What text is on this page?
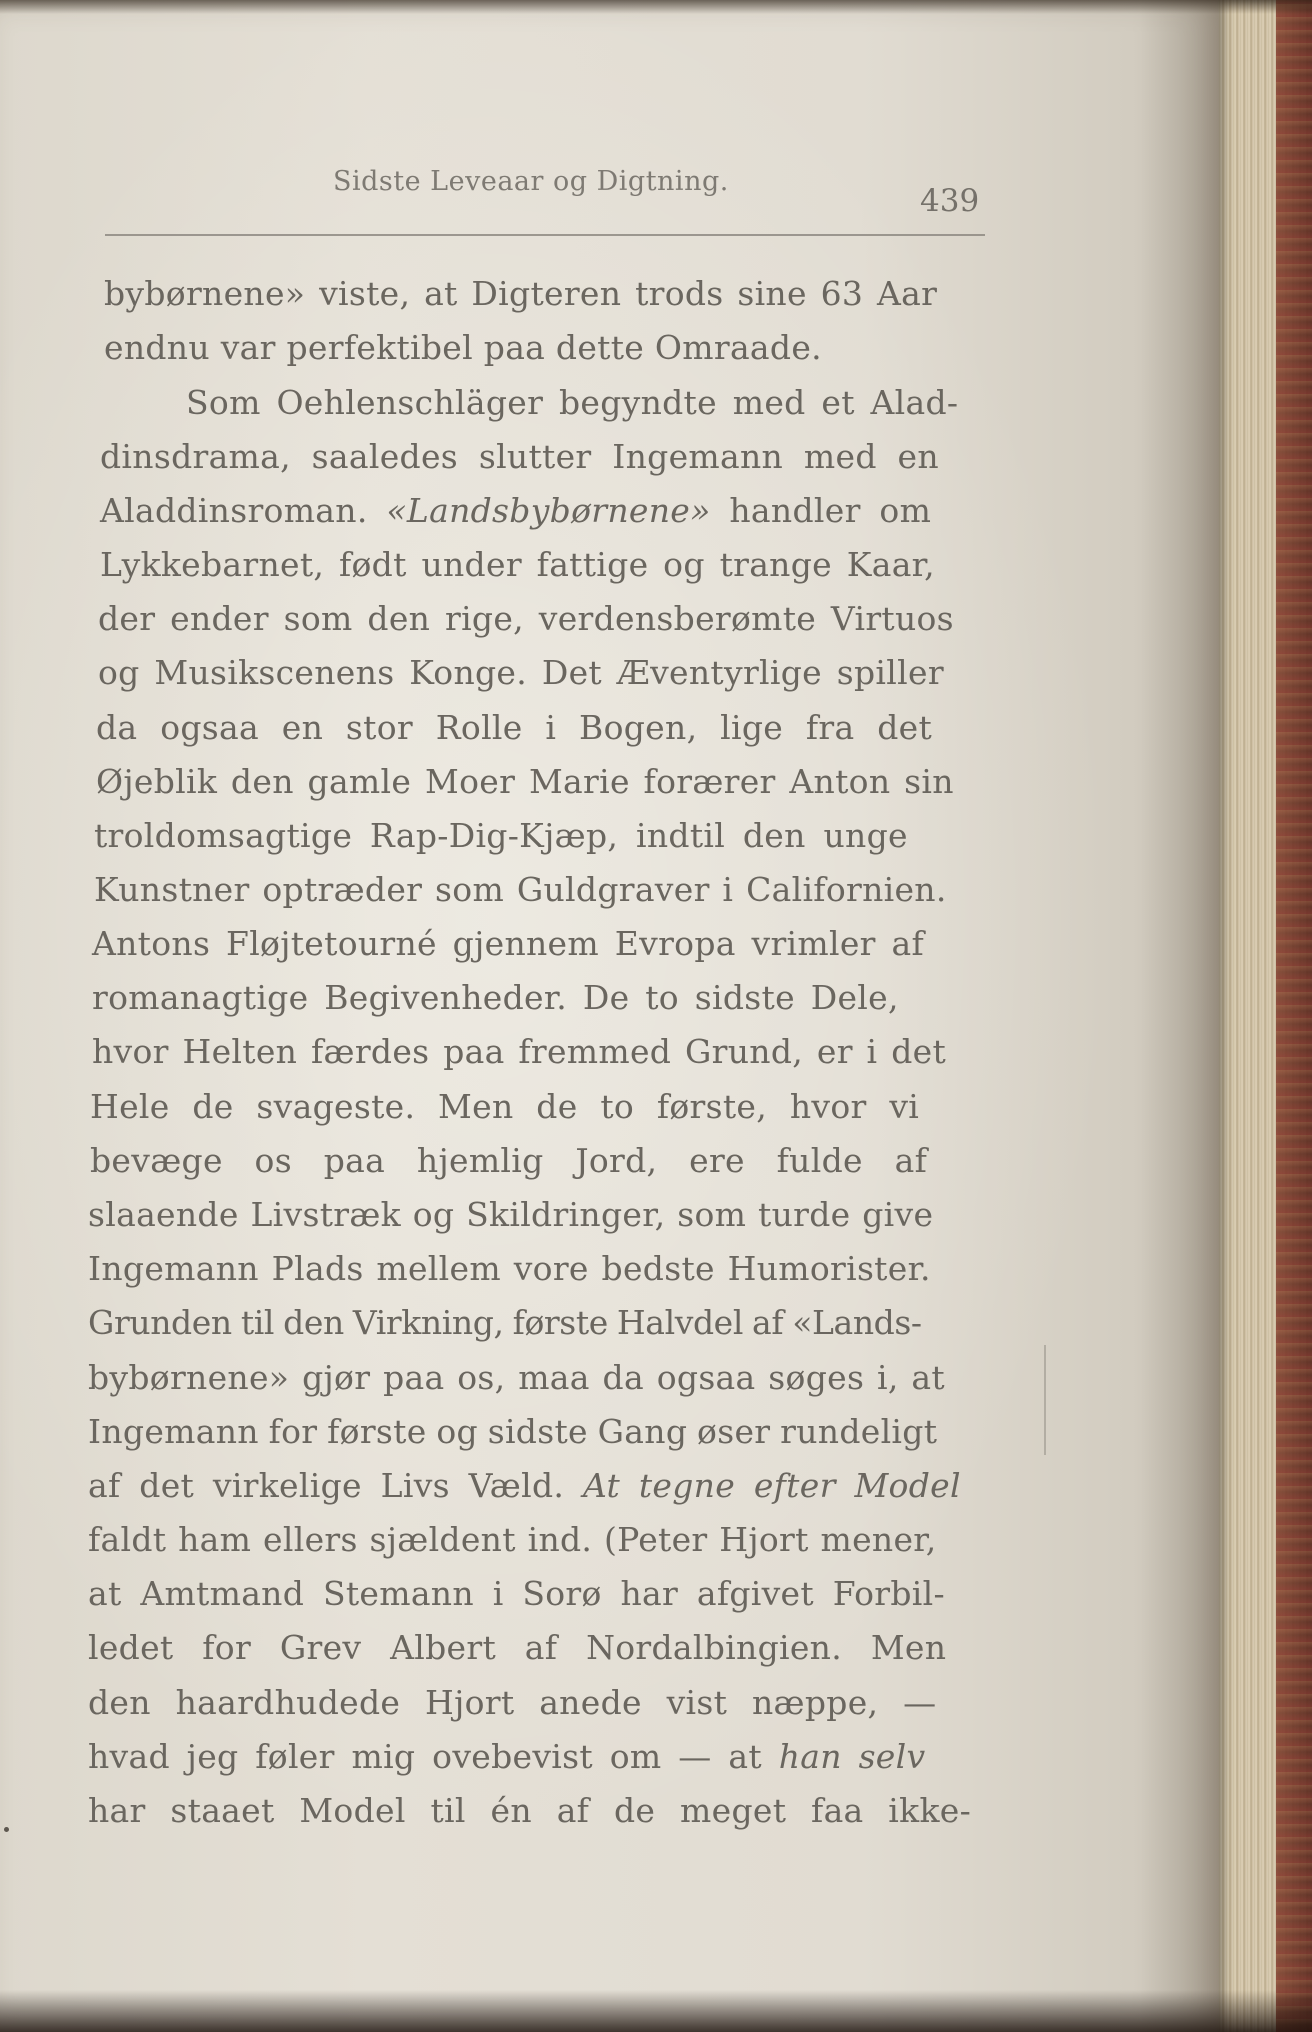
Sidste Leveaar og Digtning.
439
bybørnene» viste, at Digteren trods sine 63 Aar
endnu var perfektibel paa dette Omraade.
Som Oehlenschläger begyndte med et Alad-
dinsdrama, saaledes slutter Ingemann med en
Aladdinsroman. «Landsbybørnene» handler om
Lykkebarnet, født under fattige og trange Kaar,
der ender som den rige, verdensberømte Virtuos
og Musikscenens Konge. Det Æventyrlige spiller
da ogsaa en stor Rolle i Bogen, lige fra det
Øjeblik den gamle Moer Marie forærer Anton sin
troldomsagtige Rap-Dig-Kjæp, indtil den unge
Kunstner optræder som Guldgraver i Californien.
Antons Fløjtetourné gjennem Evropa vrimler af
romanagtige Begivenheder. De to sidste Dele,
hvor Helten færdes paa fremmed Grund, er i det
Hele de svageste. Men de to første, hvor vi
bevæge os paa hjemlig Jord, ere fulde af
slaaende Livstræk og Skildringer, som turde give
Ingemann Plads mellem vore bedste Humorister.
Grunden til den Virkning, første Halvdel af «Lands-
bybørnene» gjør paa os, maa da ogsaa søges i, at
Ingemann for første og sidste Gang øser rundeligt
af det virkelige Livs Væld. At tegne efter Model
faldt ham ellers sjældent ind. (Peter Hjort mener,
at Amtmand Stemann i Sorø har afgivet Forbil-
ledet for Grev Albert af Nordalbingien. Men
den haardhudede Hjort anede vist næppe, —
hvad jeg føler mig ovebevist om — at han selv
har staaet Model til én af de meget faa ikke-
